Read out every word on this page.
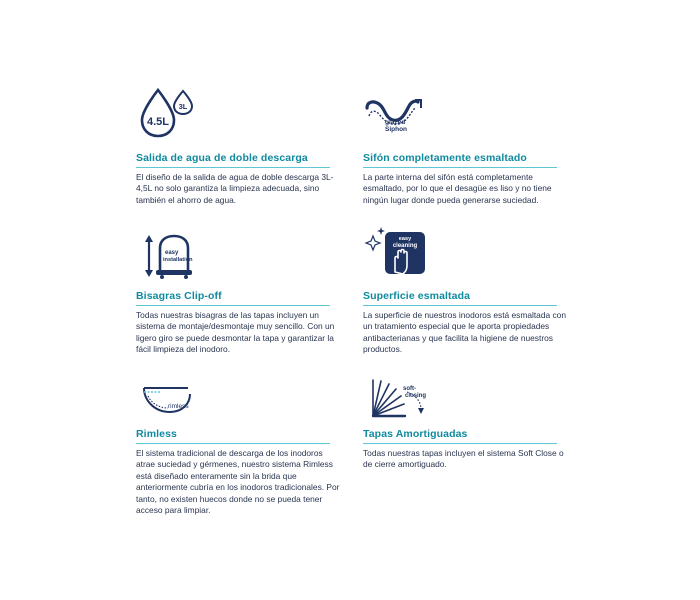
4.5L
3L
Salida de agua de doble descarga
El diseño de la salida de agua de doble descarga 3L-4,5L no solo garantiza la limpieza adecuada, sino también el ahorro de agua.
glazed
Siphon
Sifón completamente esmaltado
La parte interna del sifón está completamente esmaltado, por lo que el desagüe es liso y no tiene ningún lugar donde pueda generarse suciedad.
easy
installation
Bisagras Clip-off
Todas nuestras bisagras de las tapas incluyen un sistema de montaje/desmontaje muy sencillo. Con un ligero giro se puede desmontar la tapa y garantizar la fácil limpieza del inodoro.
easy
cleaning
Superficie esmaltada
La superficie de nuestros inodoros está esmaltada con un tratamiento especial que le aporta propiedades antibacterianas y que facilita la higiene de nuestros productos.
rimless
Rimless
El sistema tradicional de descarga de los inodoros atrae suciedad y gérmenes, nuestro sistema Rimless está diseñado enteramente sin la brida que anteriormente cubría en los inodoros tradicionales. Por tanto, no existen huecos donde no se pueda tener acceso para limpiar.
soft-
closing
Tapas Amortiguadas
Todas nuestras tapas incluyen el sistema Soft Close o de cierre amortiguado.
